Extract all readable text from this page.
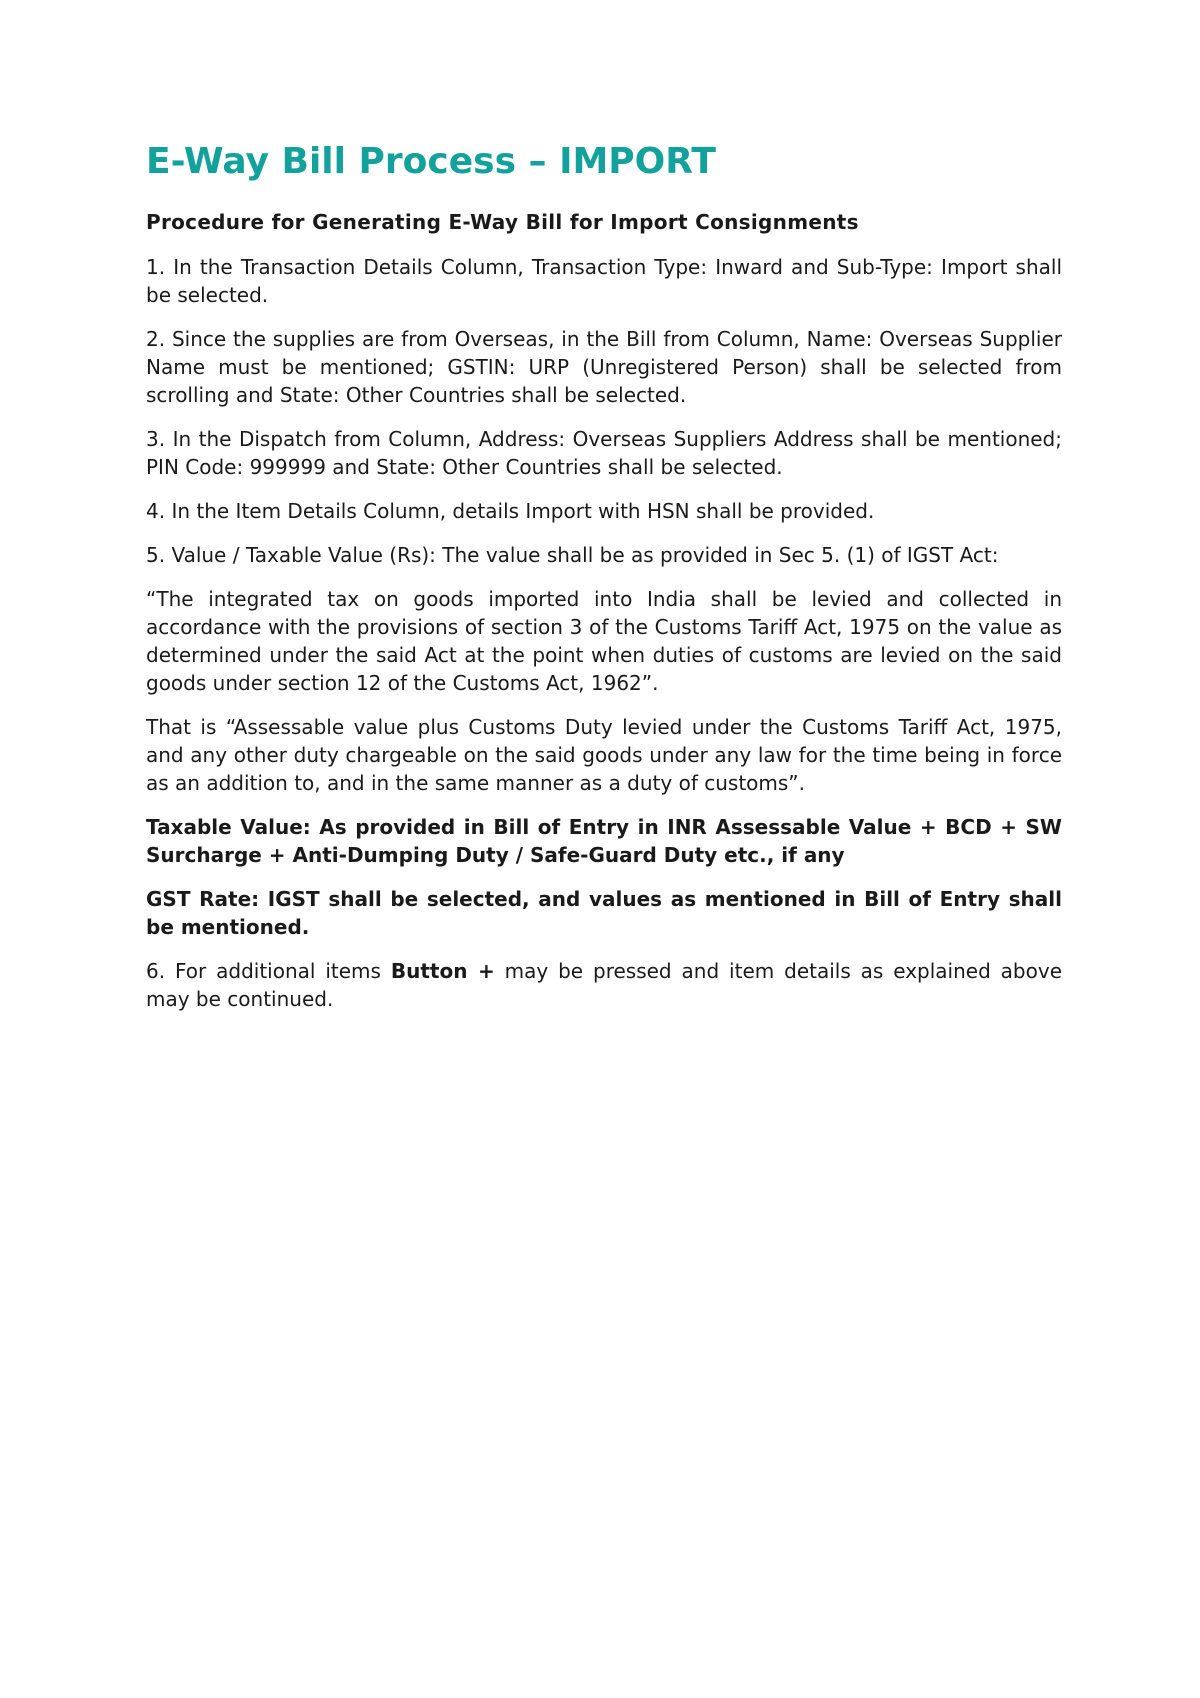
E-Way Bill Process – IMPORT
Procedure for Generating E-Way Bill for Import Consignments

1. In the Transaction Details Column, Transaction Type: Inward and Sub-Type: Import shall be selected.

2. Since the supplies are from Overseas, in the Bill from Column, Name: Overseas Supplier Name must be mentioned; GSTIN: URP (Unregistered Person) shall be selected from scrolling and State: Other Countries shall be selected.

3. In the Dispatch from Column, Address: Overseas Suppliers Address shall be mentioned; PIN Code: 999999 and State: Other Countries shall be selected.

4. In the Item Details Column, details Import with HSN shall be provided.

5. Value / Taxable Value (Rs): The value shall be as provided in Sec 5. (1) of IGST Act:

“The integrated tax on goods imported into India shall be levied and collected in accordance with the provisions of section 3 of the Customs Tariff Act, 1975 on the value as determined under the said Act at the point when duties of customs are levied on the said goods under section 12 of the Customs Act, 1962”.

That is “Assessable value plus Customs Duty levied under the Customs Tariff Act, 1975, and any other duty chargeable on the said goods under any law for the time being in force as an addition to, and in the same manner as a duty of customs”.

Taxable Value: As provided in Bill of Entry in INR Assessable Value + BCD + SW Surcharge + Anti-Dumping Duty / Safe-Guard Duty etc., if any

GST Rate: IGST shall be selected, and values as mentioned in Bill of Entry shall be mentioned.

6. For additional items Button + may be pressed and item details as explained above may be continued.
